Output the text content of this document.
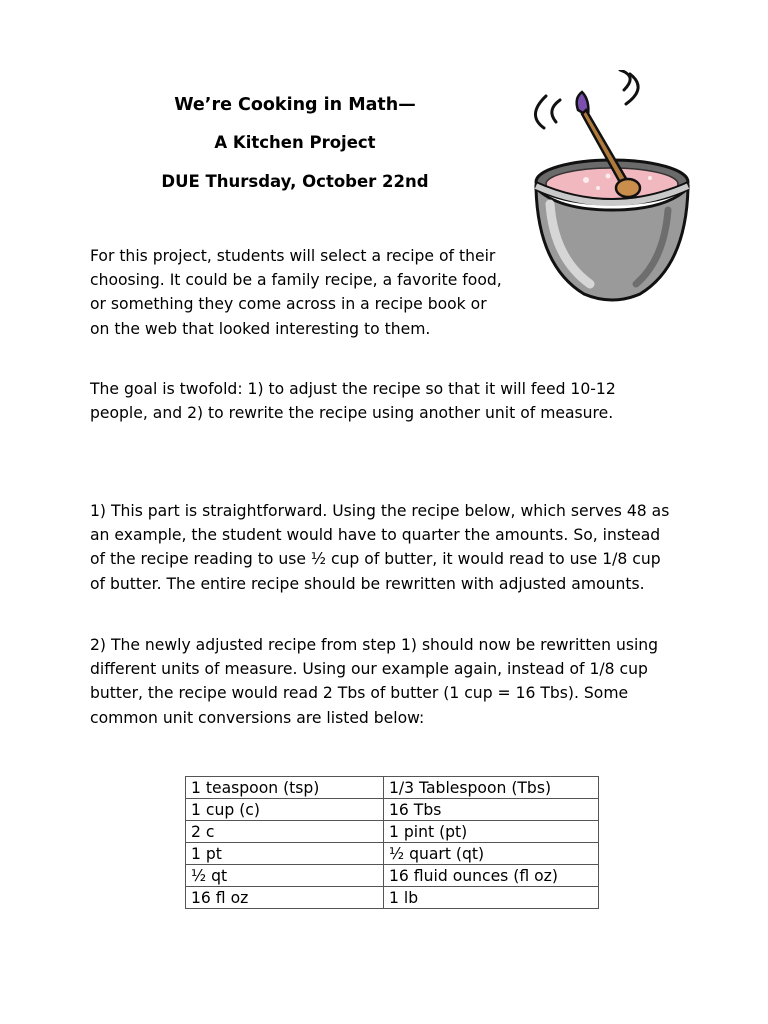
We’re Cooking in Math—
A Kitchen Project
DUE Thursday, October 22nd

For this project, students will select a recipe of their choosing. It could be a family recipe, a favorite food, or something they come across in a recipe book or on the web that looked interesting to them.

The goal is twofold: 1) to adjust the recipe so that it will feed 10-12 people, and 2) to rewrite the recipe using another unit of measure.

1) This part is straightforward. Using the recipe below, which serves 48 as an example, the student would have to quarter the amounts. So, instead of the recipe reading to use ½ cup of butter, it would read to use 1/8 cup of butter. The entire recipe should be rewritten with adjusted amounts.

2) The newly adjusted recipe from step 1) should now be rewritten using different units of measure. Using our example again, instead of 1/8 cup butter, the recipe would read 2 Tbs of butter (1 cup = 16 Tbs). Some common unit conversions are listed below:

1 teaspoon (tsp)	1/3 Tablespoon (Tbs)
1 cup (c)	16 Tbs
2 c	1 pint (pt)
1 pt	½ quart (qt)
½ qt	16 fluid ounces (fl oz)
16 fl oz	1 lb
